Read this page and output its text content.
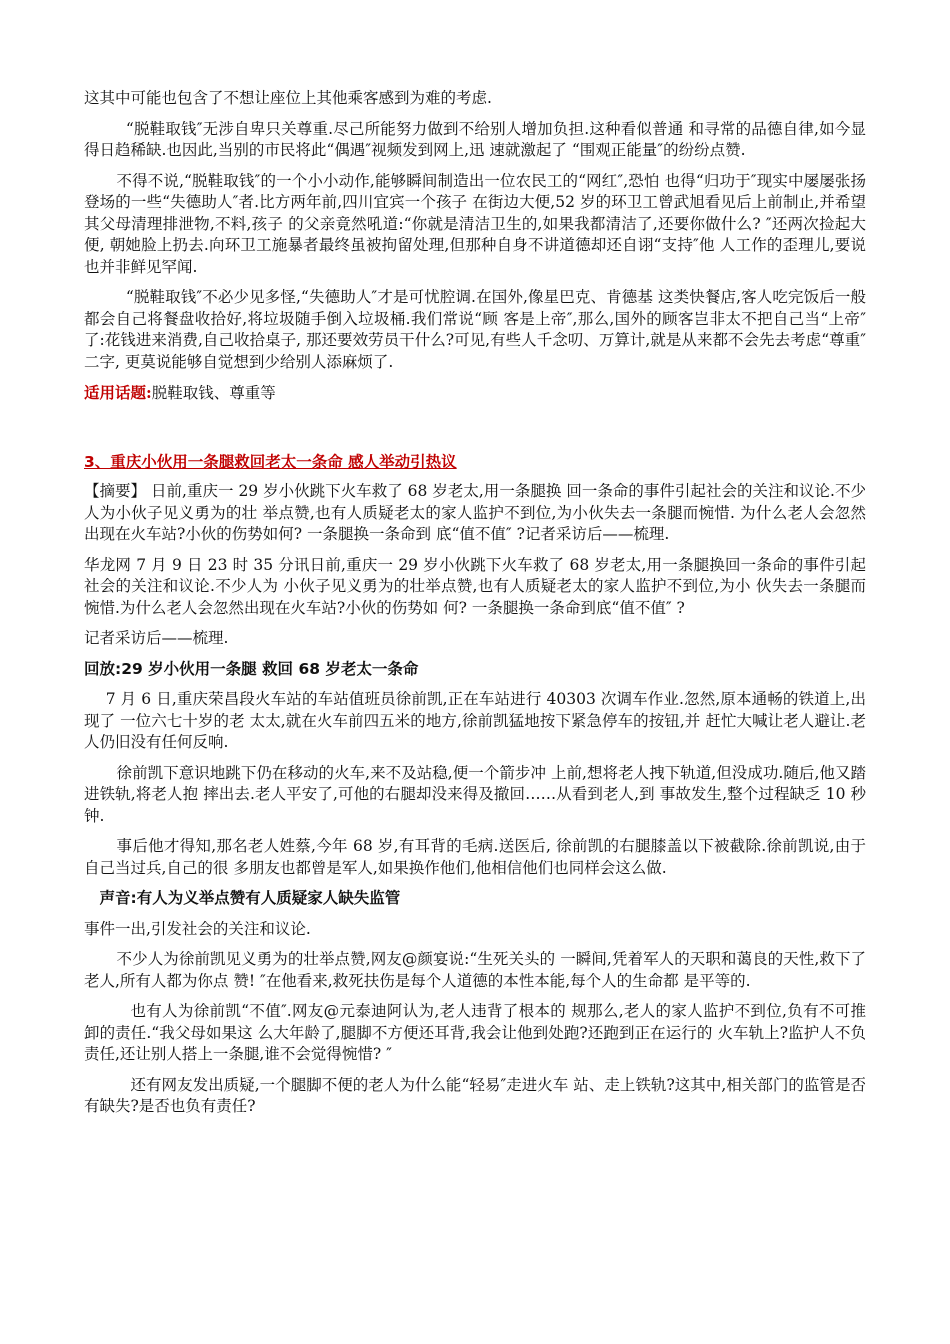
这其中可能也包含了不想让座位上其他乘客感到为难的考虑.

“脱鞋取钱″无涉自卑只关尊重.尽己所能努力做到不给别人增加负担.这种看似普通 和寻常的品德自律,如今显得日趋稀缺.也因此,当别的市民将此“偶遇″视频发到网上,迅 速就激起了 “围观正能量″的纷纷点赞.

不得不说,“脱鞋取钱″的一个小小动作,能够瞬间制造出一位农民工的“网红″,恐怕 也得“归功于″现实中屡屡张扬登场的一些“失德助人″者.比方两年前,四川宜宾一个孩子 在街边大便,52 岁的环卫工曾武旭看见后上前制止,并希望其父母清理排泄物,不料,孩子 的父亲竟然吼道:“你就是清洁卫生的,如果我都清洁了,还要你做什么? ″还两次捡起大便, 朝她脸上扔去.向环卫工施暴者最终虽被拘留处理,但那种自身不讲道德却还自诩“支持″他 人工作的歪理儿,要说也并非鲜见罕闻.

“脱鞋取钱″不必少见多怪,“失德助人″才是可忧腔调.在国外,像星巴克、肯德基 这类快餐店,客人吃完饭后一般都会自己将餐盘收拾好,将垃圾随手倒入垃圾桶.我们常说“顾 客是上帝″,那么,国外的顾客岂非太不把自己当“上帝″了:花钱进来消费,自己收拾桌子, 那还要效劳员干什么?可见,有些人千念叨、万算计,就是从来都不会先去考虑“尊重″二字, 更莫说能够自觉想到少给别人添麻烦了.

适用话题:脱鞋取钱、尊重等

3、重庆小伙用一条腿救回老太一条命 感人举动引热议

【摘要】 日前,重庆一 29 岁小伙跳下火车救了 68 岁老太,用一条腿换 回一条命的事件引起社会的关注和议论.不少人为小伙子见义勇为的壮 举点赞,也有人质疑老太的家人监护不到位,为小伙失去一条腿而惋惜. 为什么老人会忽然出现在火车站?小伙的伤势如何? 一条腿换一条命到 底“值不值″ ?记者采访后——梳理.

华龙网 7 月 9 日 23 时 35 分讯日前,重庆一 29 岁小伙跳下火车救了 68 岁老太,用一条腿换回一条命的事件引起社会的关注和议论.不少人为 小伙子见义勇为的壮举点赞,也有人质疑老太的家人监护不到位,为小 伙失去一条腿而惋惜.为什么老人会忽然出现在火车站?小伙的伤势如 何? 一条腿换一条命到底“值不值″ ?

记者采访后——梳理.

回放:29 岁小伙用一条腿 救回 68 岁老太一条命

7 月 6 日,重庆荣昌段火车站的车站值班员徐前凯,正在车站进行 40303 次调车作业.忽然,原本通畅的铁道上,出现了 一位六七十岁的老 太太,就在火车前四五米的地方,徐前凯猛地按下紧急停车的按钮,并 赶忙大喊让老人避让.老人仍旧没有任何反响.

徐前凯下意识地跳下仍在移动的火车,来不及站稳,便一个箭步冲 上前,想将老人拽下轨道,但没成功.随后,他又踏进铁轨,将老人抱 摔出去.老人平安了,可他的右腿却没来得及撤回……从看到老人,到 事故发生,整个过程缺乏 10 秒钟.

事后他才得知,那名老人姓蔡,今年 68 岁,有耳背的毛病.送医后, 徐前凯的右腿膝盖以下被截除.徐前凯说,由于自己当过兵,自己的很 多朋友也都曾是军人,如果换作他们,他相信他们也同样会这么做.

声音:有人为义举点赞有人质疑家人缺失监管

事件一出,引发社会的关注和议论.

不少人为徐前凯见义勇为的壮举点赞,网友@颜宴说:“生死关头的 一瞬间,凭着军人的天职和蔼良的天性,救下了老人,所有人都为你点 赞! ″在他看来,救死扶伤是每个人道德的本性本能,每个人的生命都 是平等的.

也有人为徐前凯“不值″.网友@元泰迪阿认为,老人违背了根本的 规那么,老人的家人监护不到位,负有不可推卸的责任.“我父母如果这 么大年龄了,腿脚不方便还耳背,我会让他到处跑?还跑到正在运行的 火车轨上?监护人不负责任,还让别人搭上一条腿,谁不会觉得惋惜? ″

还有网友发出质疑,一个腿脚不便的老人为什么能“轻易″走进火车 站、走上铁轨?这其中,相关部门的监管是否有缺失?是否也负有责任?
